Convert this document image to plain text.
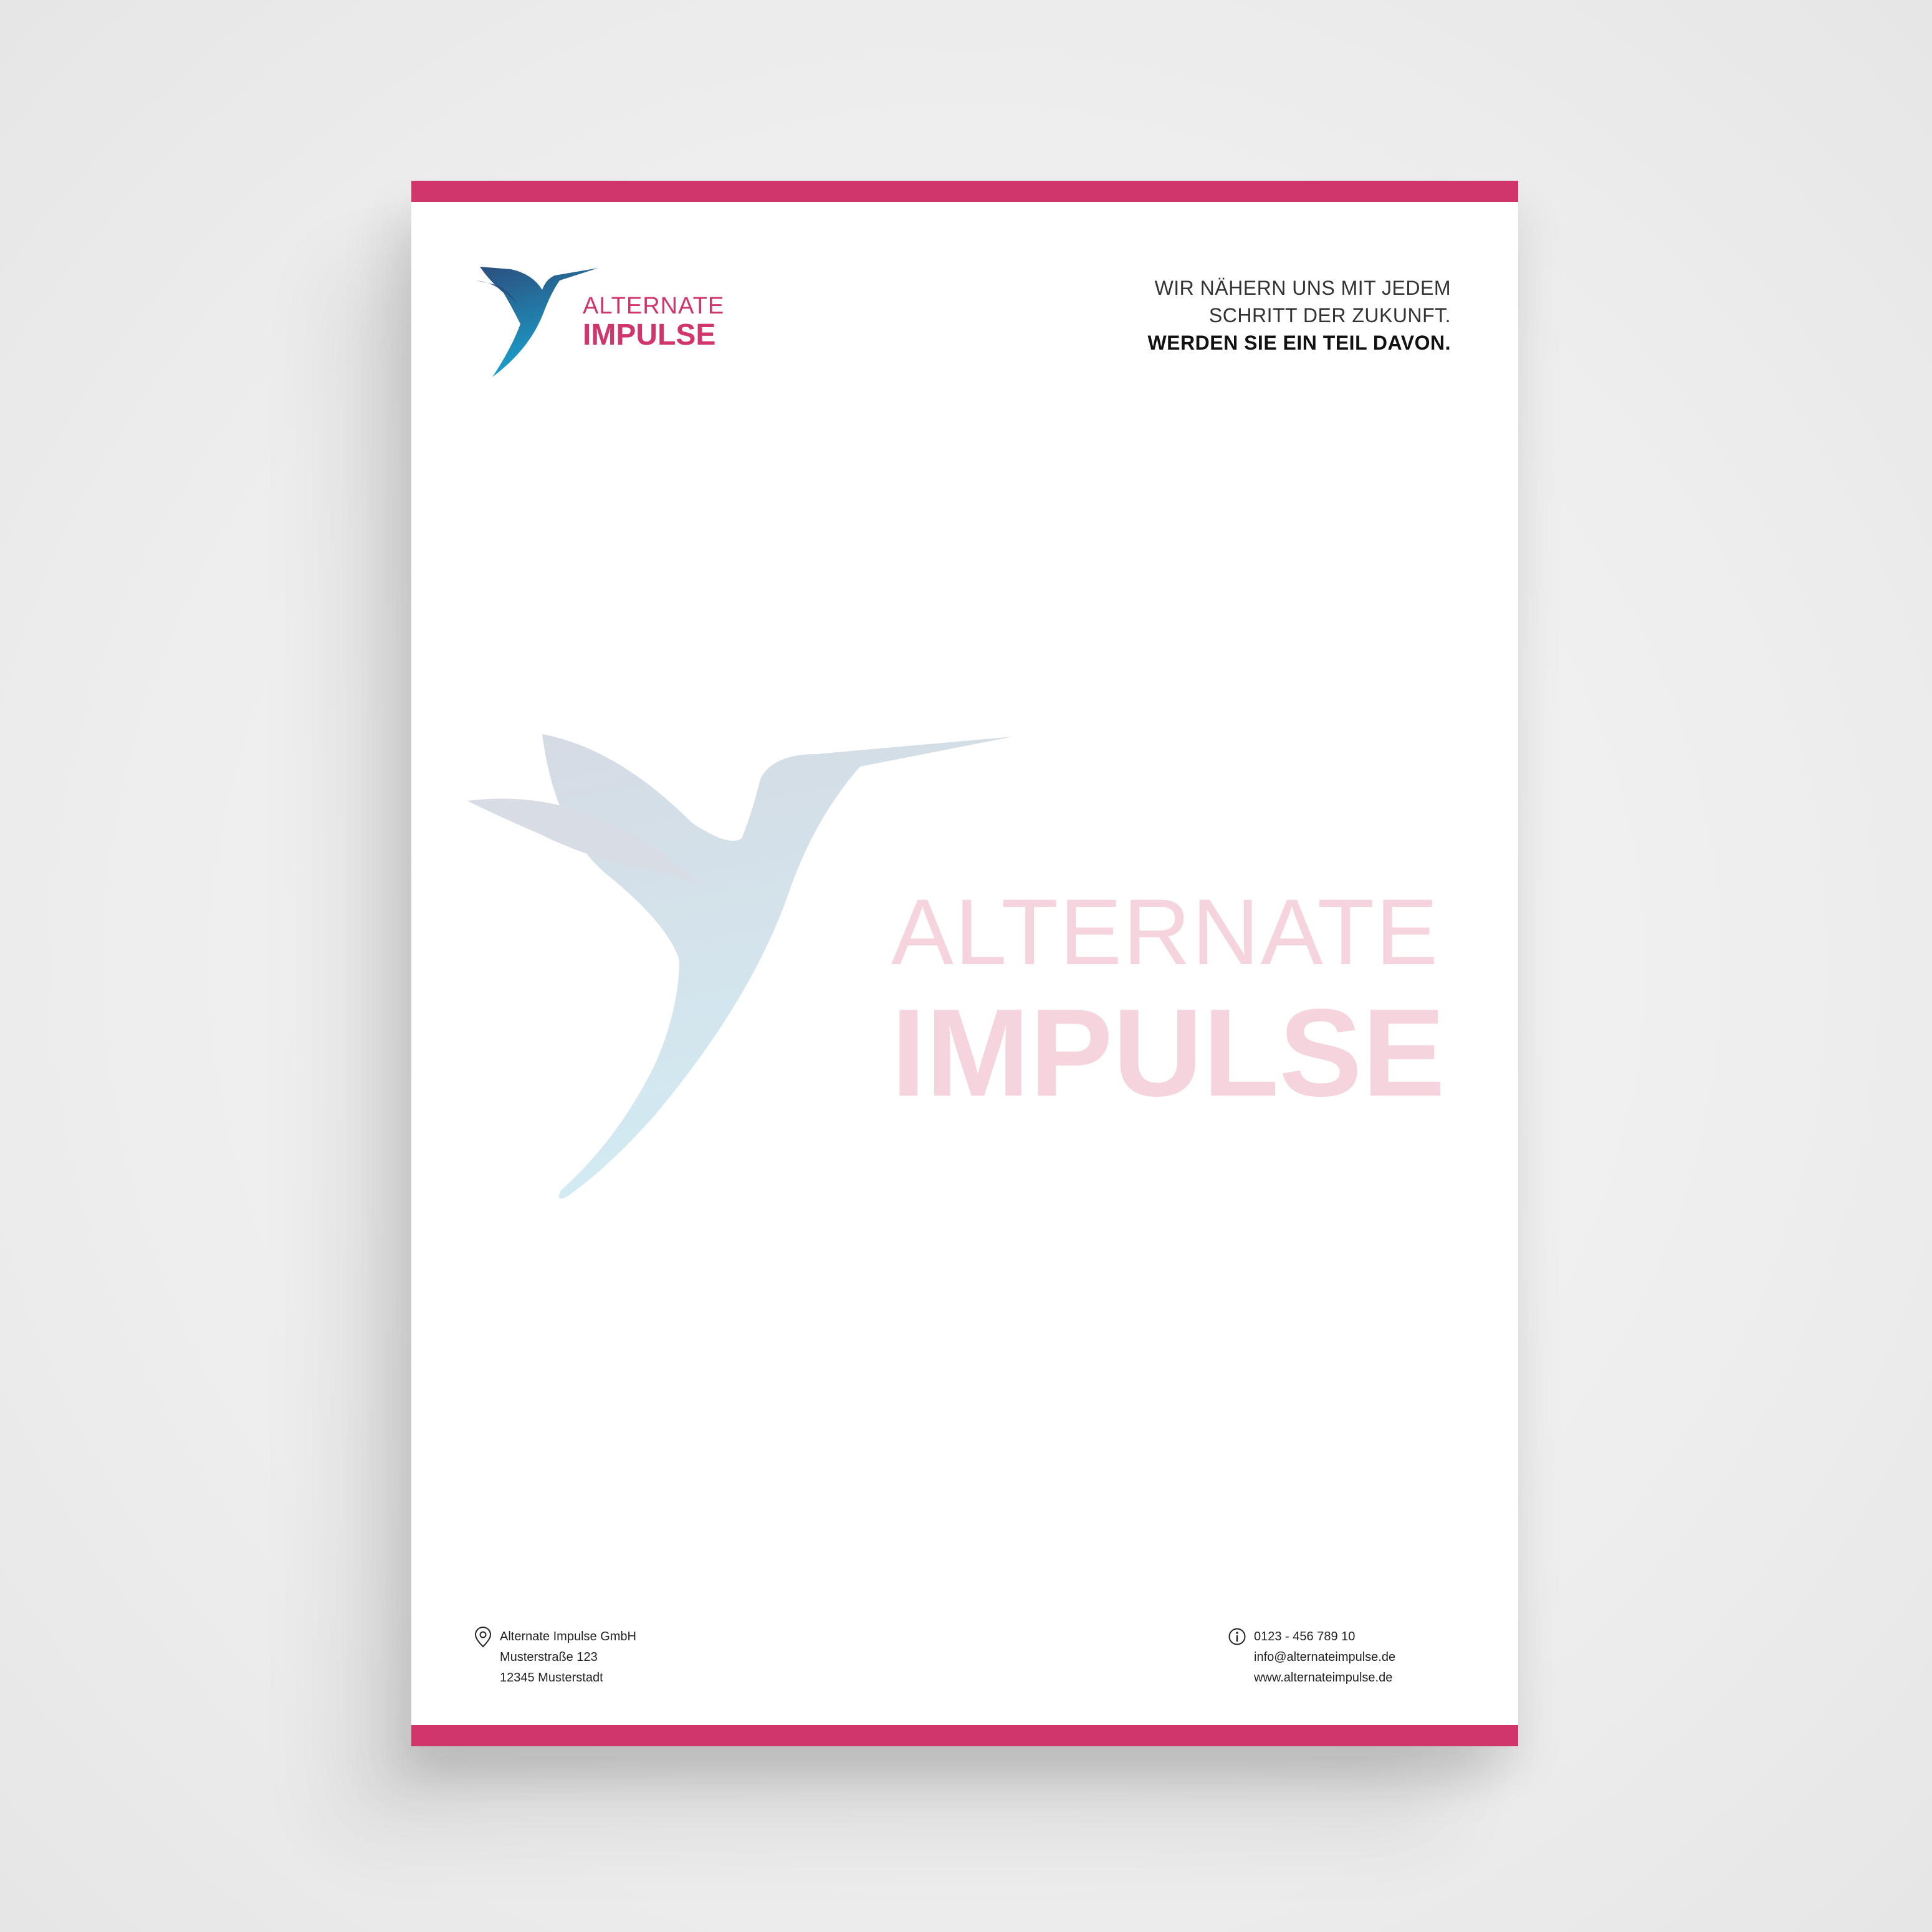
ALTERNATE
IMPULSE
WIR NÄHERN UNS MIT JEDEM
SCHRITT DER ZUKUNFT.
WERDEN SIE EIN TEIL DAVON.
ALTERNATE
IMPULSE
Alternate Impulse GmbH
Musterstraße 123
12345 Musterstadt
0123 - 456 789 10
info@alternateimpulse.de
www.alternateimpulse.de
